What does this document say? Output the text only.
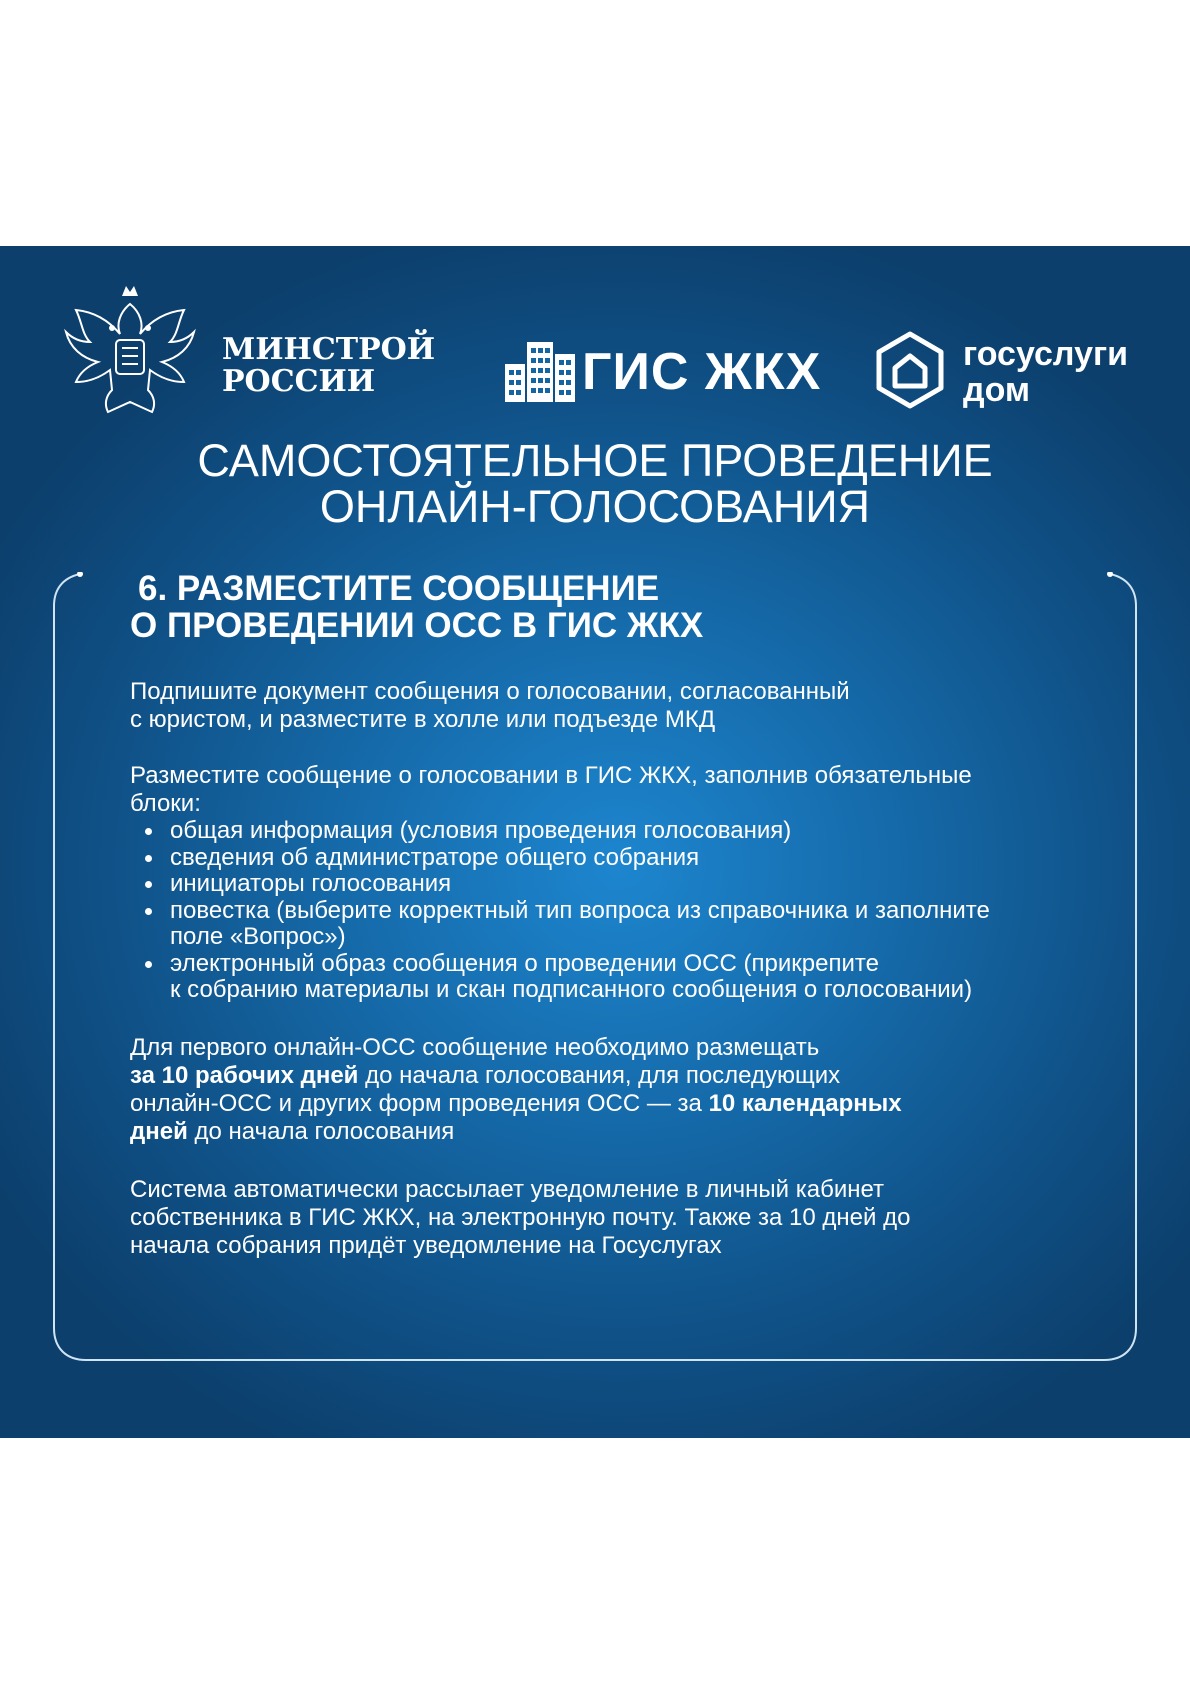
МИНСТРОЙ
РОССИИ	ГИС ЖКХ	госуслуги
дом
САМОСТОЯТЕЛЬНОЕ ПРОВЕДЕНИЕ
ОНЛАЙН-ГОЛОСОВАНИЯ
6. РАЗМЕСТИТЕ СООБЩЕНИЕ
О ПРОВЕДЕНИИ ОСС В ГИС ЖКХ
Подпишите документ сообщения о голосовании, согласованный
с юристом, и разместите в холле или подъезде МКД
Разместите сообщение о голосовании в ГИС ЖКХ, заполнив обязательные
блоки:
общая информация (условия проведения голосования)
сведения об администраторе общего собрания
инициаторы голосования
повестка (выберите корректный тип вопроса из справочника и заполните
поле «Вопрос»)
электронный образ сообщения о проведении ОСС (прикрепите
к собранию материалы и скан подписанного сообщения о голосовании)
Для первого онлайн-ОСС сообщение необходимо размещать
за 10 рабочих дней до начала голосования, для последующих
онлайн-ОСС и других форм проведения ОСС — за 10 календарных
дней до начала голосования
Система автоматически рассылает уведомление в личный кабинет
собственника в ГИС ЖКХ, на электронную почту. Также за 10 дней до
начала собрания придёт уведомление на Госуслугах
